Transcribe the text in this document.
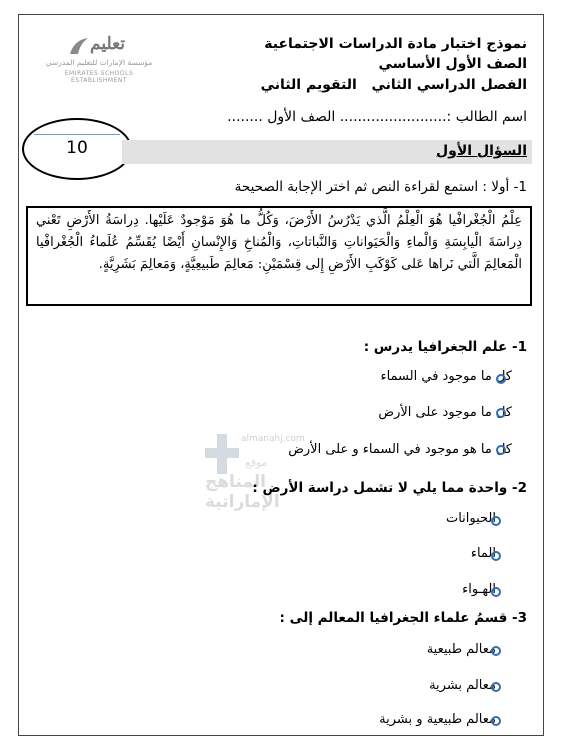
تعليم
مؤسسة الإمارات للتعليم المدرسي
EMIRATES SCHOOLS ESTABLISHMENT
نموذج اختبار مادة الدراسات الاجتماعية
الصف الأول الأساسي
الفصل الدراسي الثاني   التقويم الثاني
اسم الطالب :........................ الصف الأول ........
10	السؤال الأول
1- أولا : استمع لقراءة النص ثم اختر الإجابة الصحيحة
عِلْمُ الْجُغْرافْيا هُوَ الْعِلْمُ الَّذي يَدْرُسُ الأَرْضَ، وَكُلُّ ما هُوَ مَوْجودٌ عَلَيْها. دِراسَةُ الأَرْضِ تَعْني دِراسَةَ الْيابِسَةِ وَالْماءِ وَالْحَيَواناتِ وَالنَّباتاتِ، وَالْمُناخِ وَالإِنْسانِ أَيْضًا يُقَسِّمُ عُلَماءُ الْجُغْرافْيا الْمَعالِمَ الَّتي نَراها عَلى كَوْكَبِ الأَرْضِ إِلى قِسْمَيْنِ: مَعالِمَ طَبيعِيَّةٍ، وَمَعالِمَ بَشَرِيَّةٍ.
almanahj.com
موقع
المناهج الإماراتية
1- علم الجغرافيا يدرس :
كل ما موجود في السماء
كل ما موجود على الأرض
كل ما هو موجود في السماء و على الأرض
2- واحدة مما يلي لا تشمل دراسة الأرض :
الحيوانات
الماء
الهـواء
3- قسمُ علماء الجغرافيا المعالم إلى :
معالم طبيعية
معالم بشرية
معالم طبيعية و بشرية
